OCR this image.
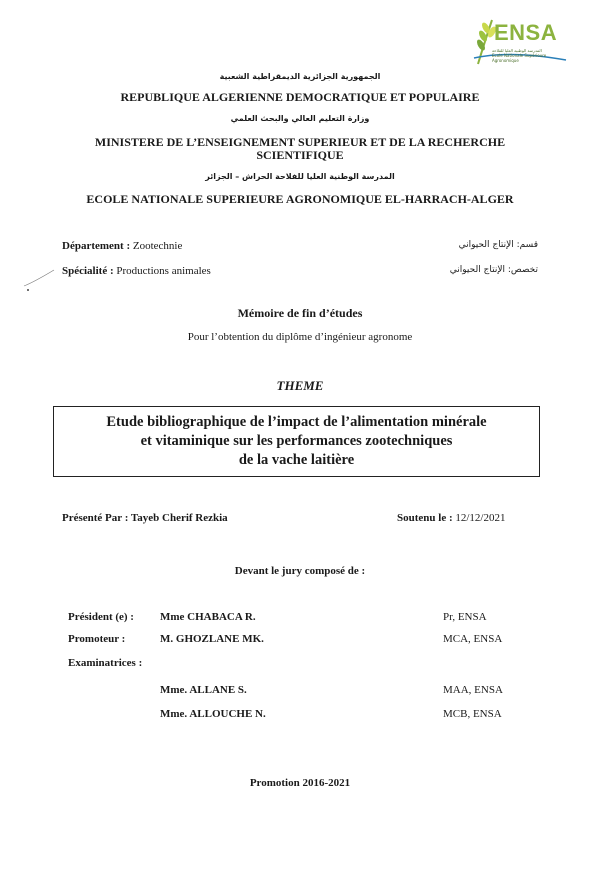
ENSA
المدرسة الوطنية العليا للفلاحة
Ecole Nationale Supérieure Agronomique
الجمهورية الجزائرية الديمقراطية الشعبية
REPUBLIQUE ALGERIENNE DEMOCRATIQUE ET POPULAIRE
وزارة التعليم العالي والبحث العلمي
MINISTERE DE L’ENSEIGNEMENT SUPERIEUR ET DE LA RECHERCHE
SCIENTIFIQUE
المدرسة الوطنية العليا للفلاحة الحراش – الجزائر
ECOLE NATIONALE SUPERIEURE AGRONOMIQUE EL-HARRACH-ALGER
Département : Zootechnie	قسم: الإنتاج الحيواني
Spécialité : Productions animales	تخصص: الإنتاج الحيواني
Mémoire de fin d’études
Pour l’obtention du diplôme d’ingénieur agronome
THEME
Etude bibliographique de l’impact de l’alimentation minérale
et vitaminique sur les performances zootechniques
de la vache laitière
Présenté Par : Tayeb Cherif Rezkia	Soutenu le : 12/12/2021
Devant le jury composé de :
Président (e) : Mme CHABACA R.	Pr, ENSA
Promoteur :	M. GHOZLANE MK.	MCA, ENSA
Examinatrices :
Mme. ALLANE S.	MAA, ENSA
Mme. ALLOUCHE N.	MCB, ENSA
Promotion 2016-2021
